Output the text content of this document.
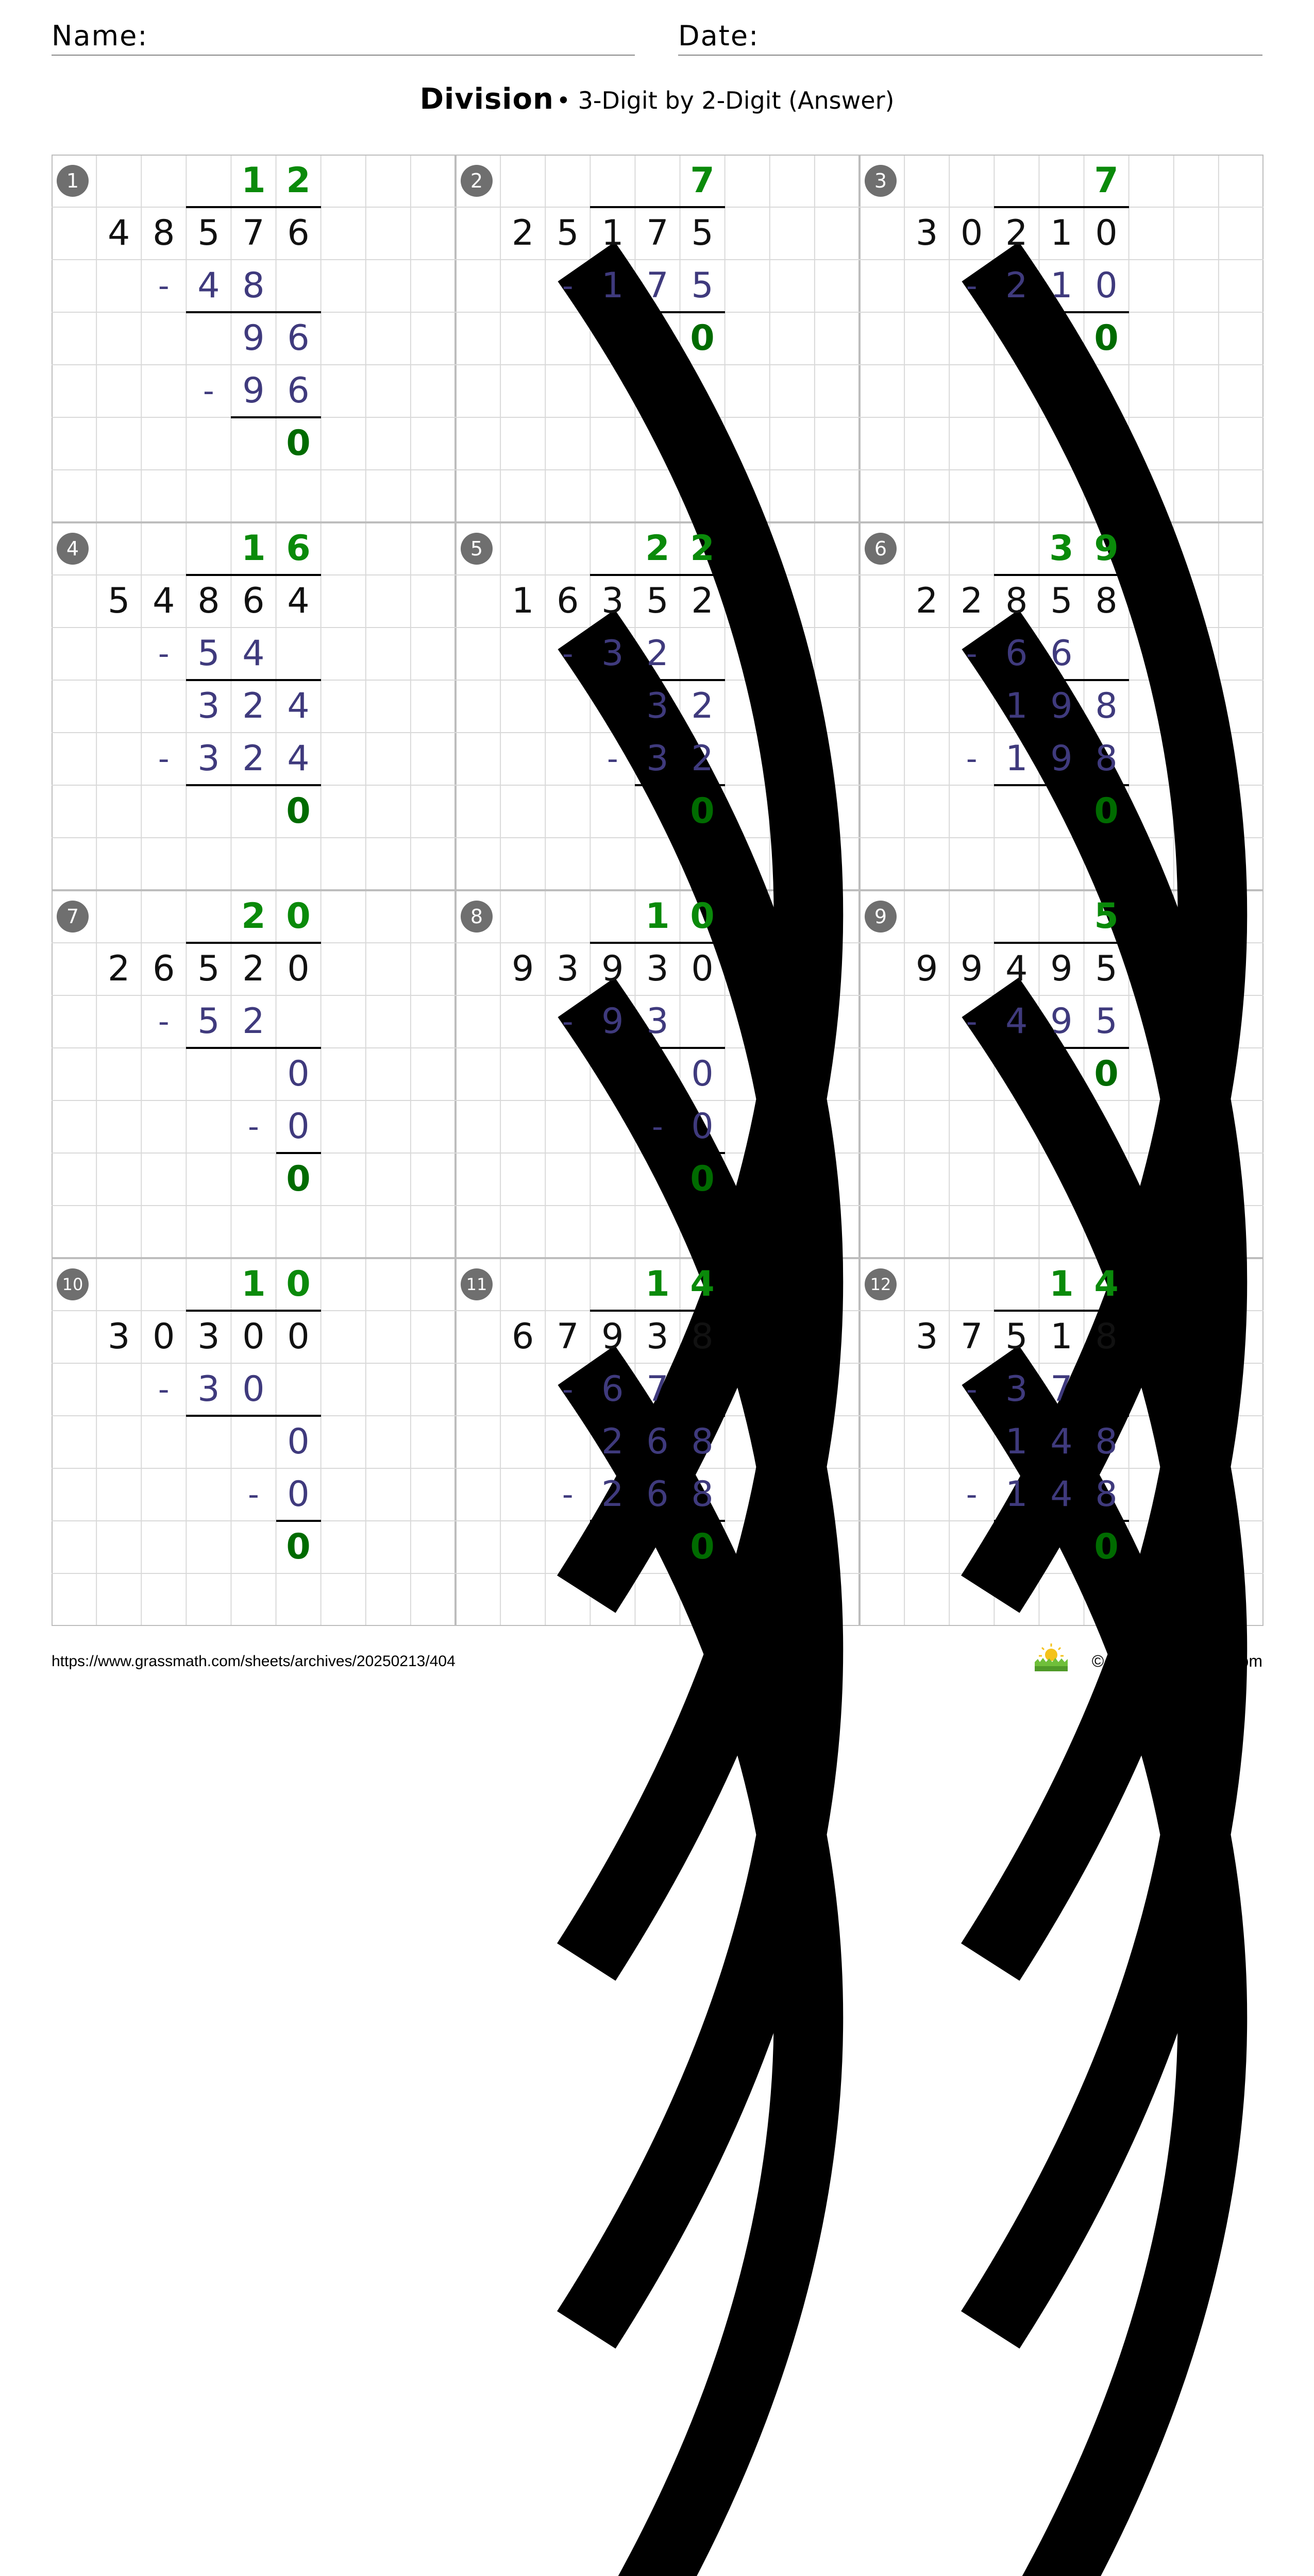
Name:	Date:
Division • 3-Digit by 2-Digit (Answer)
1	1 2
4 8 5 7 6
4 8
-
9 6
9 6
-
0
2	7
2 5 1 7 5
1 7 5
-
0
3	7
3 0 2 1 0
2 1 0
-
0
4	1 6
5 4 8 6 4
5 4
-
3 2 4
3 2 4
-
0
5	2 2
1 6 3 5 2
3 2
-
3 2
3 2
-
0
6	3 9
2 2 8 5 8
6 6
-
1 9 8
1 9 8
-
0
7	2 0
2 6 5 2 0
5 2
-
0
0
-
0
8	1 0
9 3 9 3 0
9 3
-
0
0
-
0
9	5
9 9 4 9 5
4 9 5
-
0
10	1 0
3 0 3 0 0
3 0
-
0
0
-
0
11	1 4
6 7 9 3 8
6 7
-
2 6 8
2 6 8
-
0
12	1 4
3 7 5 1 8
3 7
-
1 4 8
1 4 8
-
0
https://www.grassmath.com/sheets/archives/20250213/404	© 2025 grassmath.com
